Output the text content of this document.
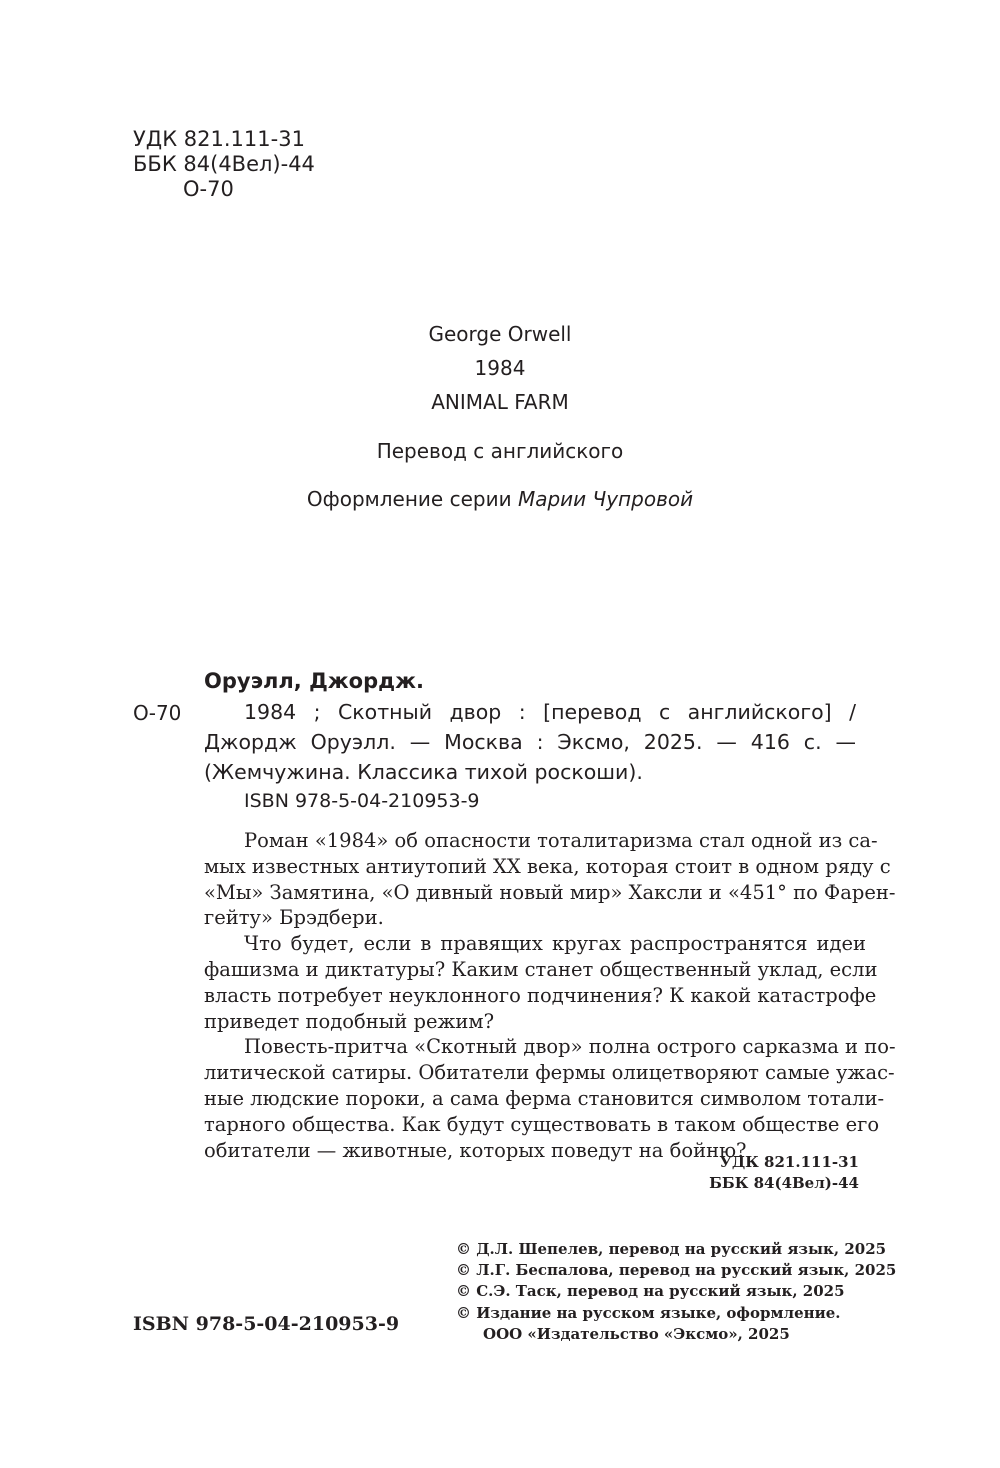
УДК 821.111-31
ББК 84(4Вел)-44
О-70
George Orwell
1984
ANIMAL FARM
Перевод с английского
Оформление серии Марии Чупровой
Оруэлл, Джордж.
О-70	1984 ; Скотный двор : [перевод с английского] /
Джордж Оруэлл. — Москва : Эксмо, 2025. — 416 с. —
(Жемчужина. Классика тихой роскоши).
ISBN 978-5-04-210953-9

Роман «1984» об опасности тоталитаризма стал одной из са-
мых известных антиутопий XX века, которая стоит в одном ряду с
«Мы» Замятина, «О дивный новый мир» Хаксли и «451° по Фарен-
гейту» Брэдбери.

Что будет, если в правящих кругах распространятся идеи
фашизма и диктатуры? Каким станет общественный уклад, если
власть потребует неуклонного подчинения? К какой катастрофе
приведет подобный режим?

Повесть-притча «Скотный двор» полна острого сарказма и по-
литической сатиры. Обитатели фермы олицетворяют самые ужас-
ные людские пороки, а сама ферма становится символом тотали-
тарного общества. Как будут существовать в таком обществе его
обитатели — животные, которых поведут на бойню?

УДК 821.111-31
ББК 84(4Вел)-44
© Д.Л. Шепелев, перевод на русский язык, 2025
© Л.Г. Беспалова, перевод на русский язык, 2025
© С.Э. Таск, перевод на русский язык, 2025
© Издание на русском языке, оформление.
ООО «Издательство «Эксмо», 2025
ISBN 978-5-04-210953-9
